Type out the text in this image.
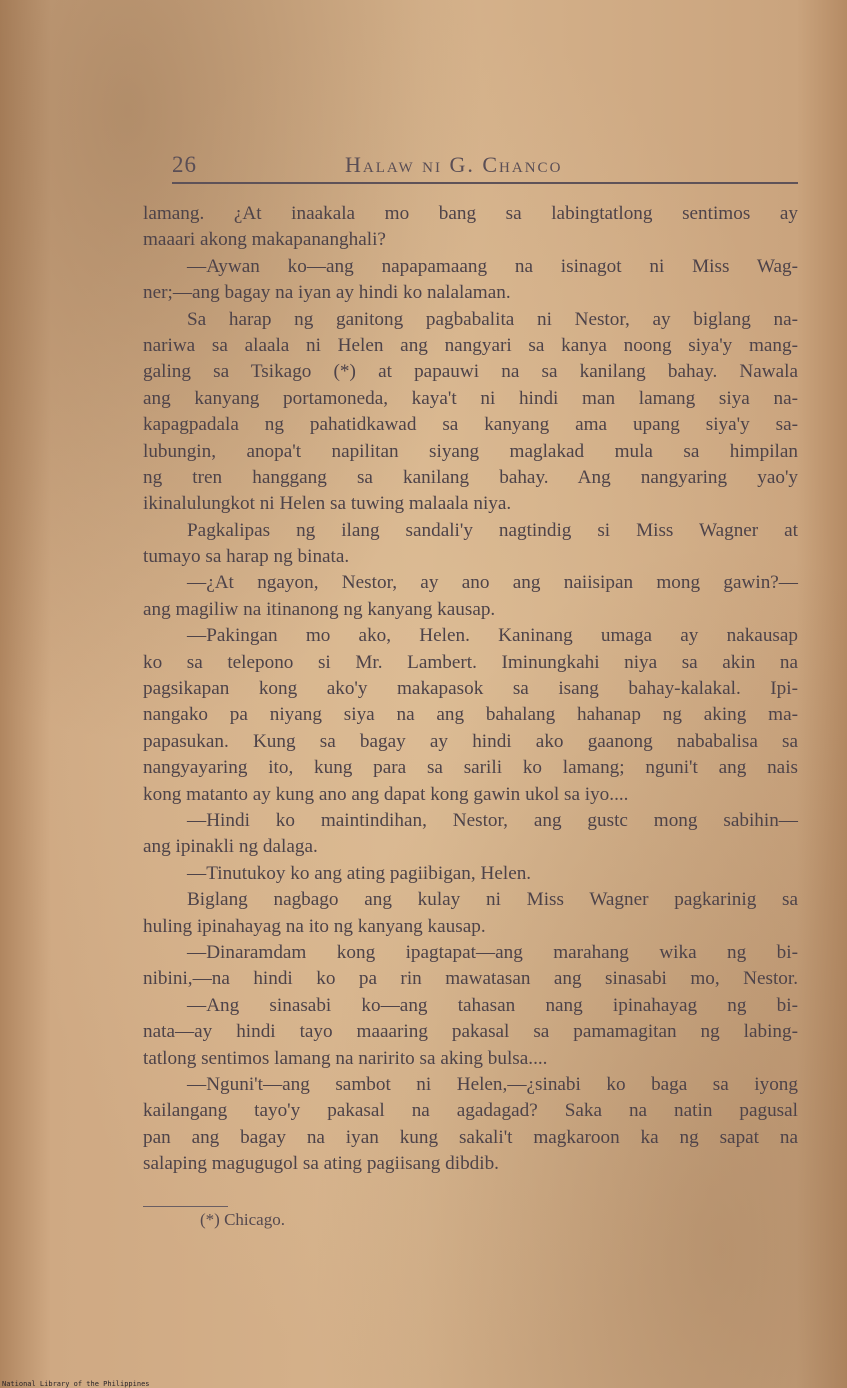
26	Halaw ni G. Chanco
lamang. ¿At inaakala mo bang sa labingtatlong sentimos ay
maaari akong makapananghali?
—Aywan ko—ang napapamaang na isinagot ni Miss Wag-
ner;—ang bagay na iyan ay hindi ko nalalaman.
Sa harap ng ganitong pagbabalita ni Nestor, ay biglang na-
nariwa sa alaala ni Helen ang nangyari sa kanya noong siya'y mang-
galing sa Tsikago (*) at papauwi na sa kanilang bahay. Nawala
ang kanyang portamoneda, kaya't ni hindi man lamang siya na-
kapagpadala ng pahatidkawad sa kanyang ama upang siya'y sa-
lubungin, anopa't napilitan siyang maglakad mula sa himpilan
ng tren hanggang sa kanilang bahay. Ang nangyaring yao'y
ikinalulungkot ni Helen sa tuwing malaala niya.
Pagkalipas ng ilang sandali'y nagtindig si Miss Wagner at
tumayo sa harap ng binata.
—¿At ngayon, Nestor, ay ano ang naiisipan mong gawin?—
ang magiliw na itinanong ng kanyang kausap.
—Pakingan mo ako, Helen. Kaninang umaga ay nakausap
ko sa telepono si Mr. Lambert. Iminungkahi niya sa akin na
pagsikapan kong ako'y makapasok sa isang bahay-kalakal. Ipi-
nangako pa niyang siya na ang bahalang hahanap ng aking ma-
papasukan. Kung sa bagay ay hindi ako gaanong nababalisa sa
nangyayaring ito, kung para sa sarili ko lamang; nguni't ang nais
kong matanto ay kung ano ang dapat kong gawin ukol sa iyo....
—Hindi ko maintindihan, Nestor, ang gustc mong sabihin—
ang ipinakli ng dalaga.
—Tinutukoy ko ang ating pagiibigan, Helen.
Biglang nagbago ang kulay ni Miss Wagner pagkarinig sa
huling ipinahayag na ito ng kanyang kausap.
—Dinaramdam kong ipagtapat—ang marahang wika ng bi-
nibini,—na hindi ko pa rin mawatasan ang sinasabi mo, Nestor.
—Ang sinasabi ko—ang tahasan nang ipinahayag ng bi-
nata—ay hindi tayo maaaring pakasal sa pamamagitan ng labing-
tatlong sentimos lamang na naririto sa aking bulsa....
—Nguni't—ang sambot ni Helen,—¿sinabi ko baga sa iyong
kailangang tayo'y pakasal na agadagad? Saka na natin pagusal
pan ang bagay na iyan kung sakali't magkaroon ka ng sapat na
salaping magugugol sa ating pagiisang dibdib.
(*) Chicago.
National Library of the Philippines
